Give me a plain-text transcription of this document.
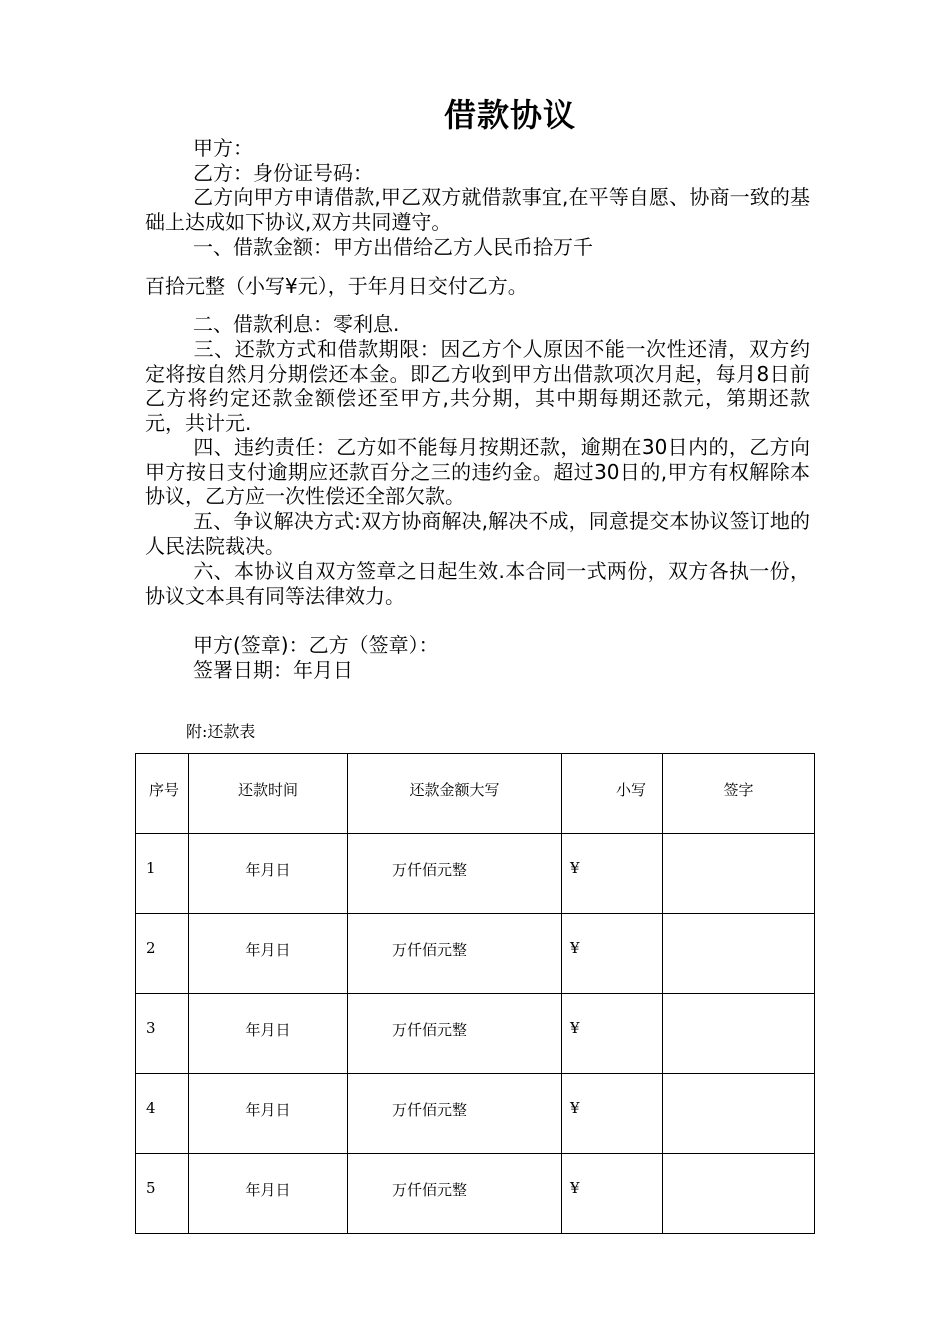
借款协议

甲方：

乙方：身份证号码：

乙方向甲方申请借款,甲乙双方就借款事宜,在平等自愿、协商一致的基础上达成如下协议,双方共同遵守。

一、借款金额：甲方出借给乙方人民币拾万千

百拾元整（小写¥元），于年月日交付乙方。

二、借款利息：零利息.

三、还款方式和借款期限：因乙方个人原因不能一次性还清，双方约定将按自然月分期偿还本金。即乙方收到甲方出借款项次月起，每月8日前乙方将约定还款金额偿还至甲方,共分期，其中期每期还款元，第期还款元，共计元.

四、违约责任：乙方如不能每月按期还款，逾期在30日内的，乙方向甲方按日支付逾期应还款百分之三的违约金。超过30日的,甲方有权解除本协议，乙方应一次性偿还全部欠款。

五、争议解决方式:双方协商解决,解决不成，同意提交本协议签订地的人民法院裁决。

六、本协议自双方签章之日起生效.本合同一式两份，双方各执一份，协议文本具有同等法律效力。

甲方(签章)：乙方（签章）：

签署日期：年月日

附:还款表

序号	还款时间	还款金额大写	小写	签字
1	年月日	万仟佰元整	¥	
2	年月日	万仟佰元整	¥	
3	年月日	万仟佰元整	¥	
4	年月日	万仟佰元整	¥	
5	年月日	万仟佰元整	¥	
